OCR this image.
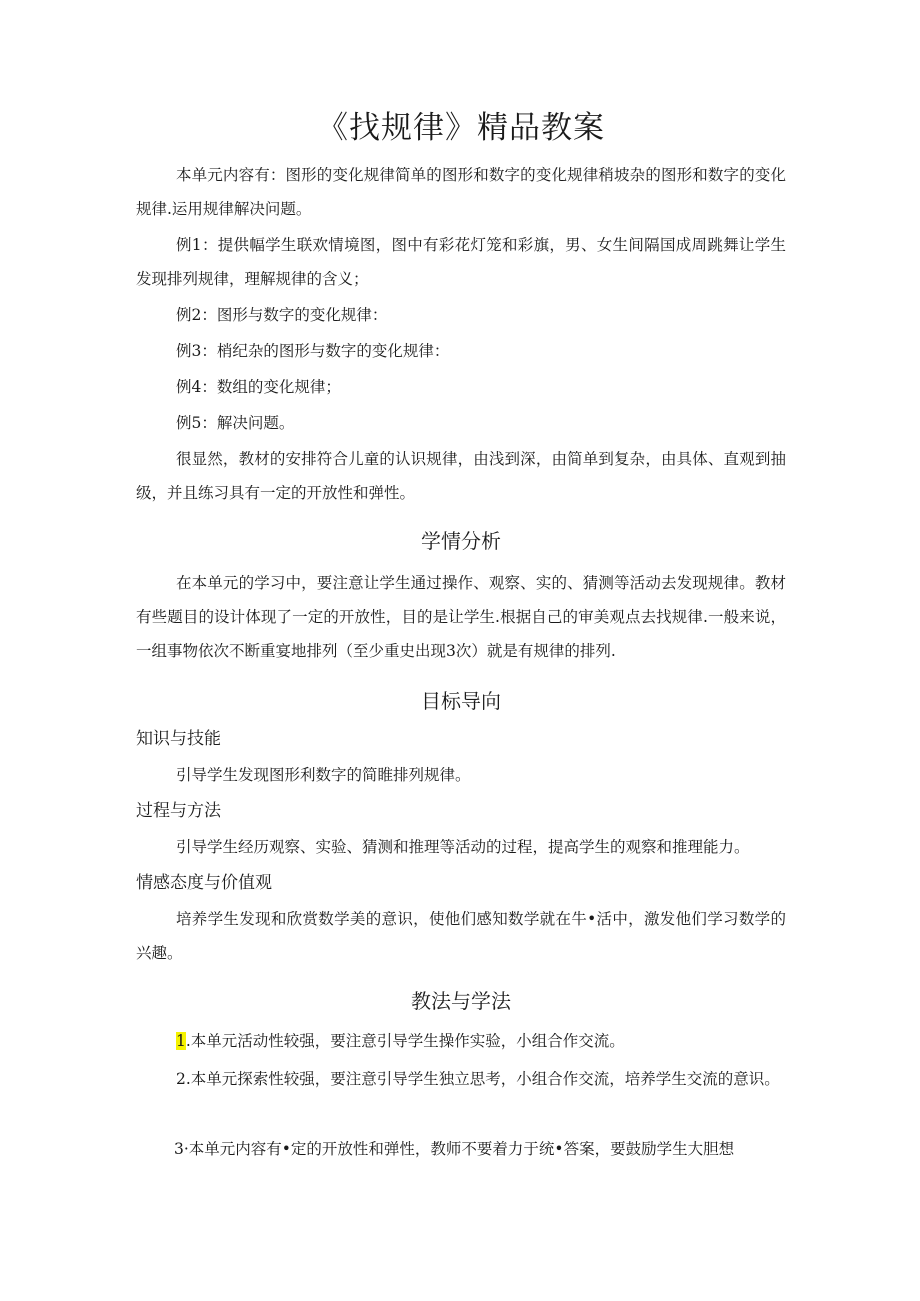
《找规律》精品教案
本单元内容有：图形的变化规律简单的图形和数字的变化规律稍坡杂的图形和数字的变化规律.运用规律解决问题。
例1：提供幅学生联欢情境图，图中有彩花灯笼和彩旗，男、女生间隔国成周跳舞让学生发现排列规律，理解规律的含义；
例2：图形与数字的变化规律：
例3：梢纪杂的图形与数字的变化规律：
例4：数组的变化规律；
例5：解决问题。
很显然，教材的安排符合儿童的认识规律，由浅到深，由简单到复杂，由具体、直观到抽级，并且练习具有一定的开放性和弹性。
学情分析
在本单元的学习中，要注意让学生通过操作、观察、实的、猜测等活动去发现规律。教材有些题目的设计体现了一定的开放性，目的是让学生.根据自己的审美观点去找规律.一般来说，一组事物依次不断重宴地排列（至少重史出现3次）就是有规律的排列.
目标导向
知识与技能
引导学生发现图形利数字的简睢排列规律。
过程与方法
引导学生经历观察、实验、猜测和推理等活动的过程，提高学生的观察和推理能力。
情感态度与价值观
培养学生发现和欣赏数学美的意识，使他们感知数学就在牛•活中，激发他们学习数学的兴趣。
教法与学法
1.本单元活动性较强，要注意引导学生操作实验，小组合作交流。
2.本单元探索性较强，要注意引导学生独立思考，小组合作交流，培养学生交流的意识。
3·本单元内容有•定的开放性和弹性，教师不要着力于统•答案，要鼓励学生大胆想
